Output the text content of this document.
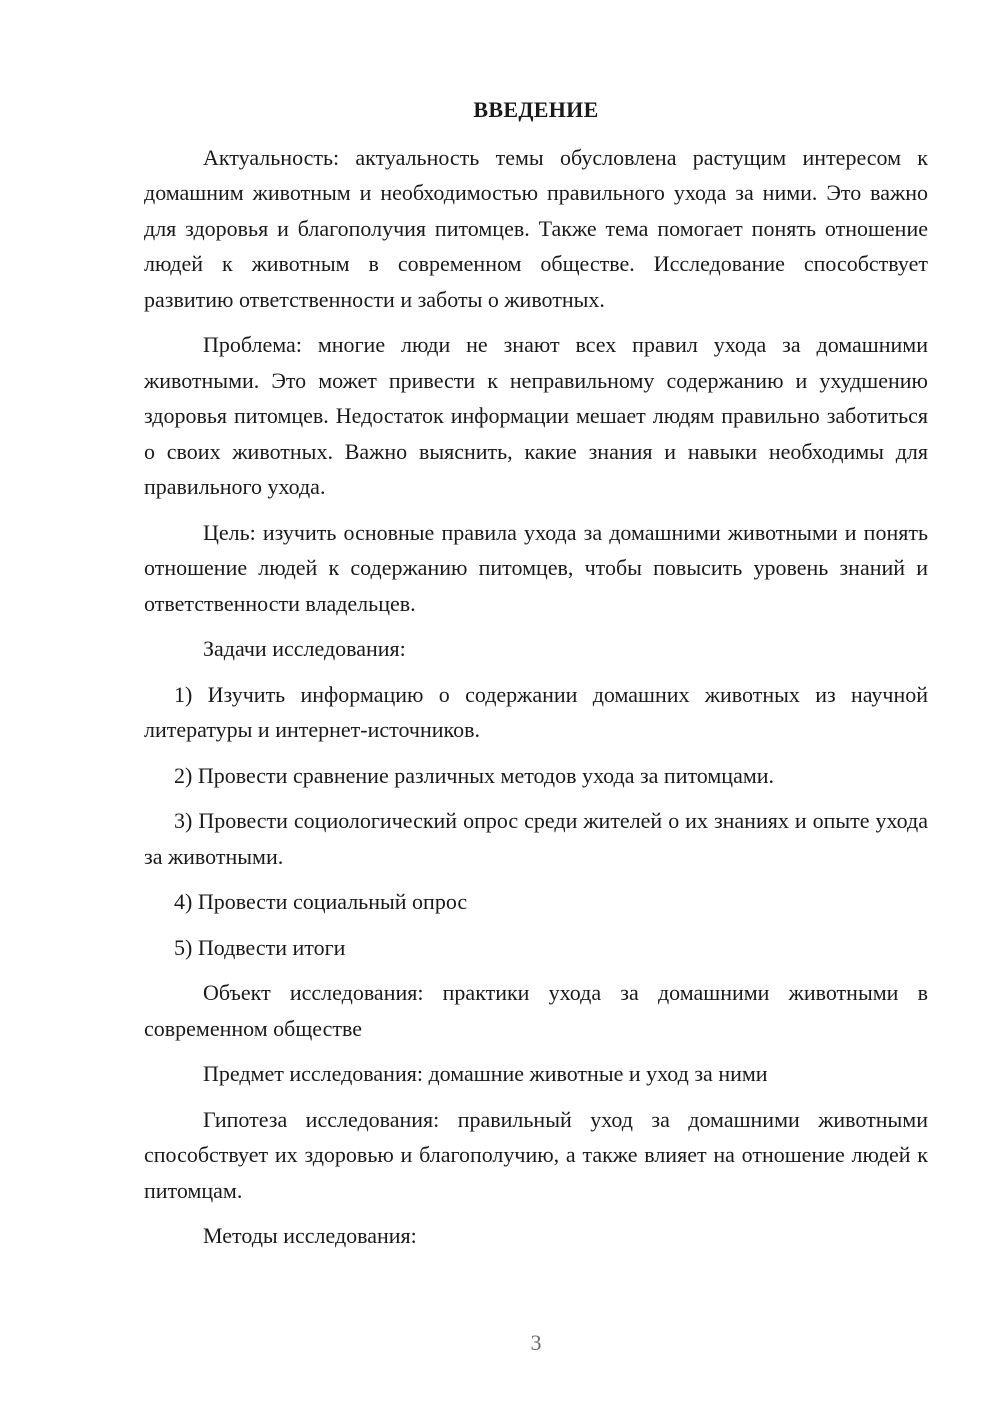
ВВЕДЕНИЕ

Актуальность: актуальность темы обусловлена растущим интересом к домашним животным и необходимостью правильного ухода за ними. Это важно для здоровья и благополучия питомцев. Также тема помогает понять отношение людей к животным в современном обществе. Исследование способствует развитию ответственности и заботы о животных.

Проблема: многие люди не знают всех правил ухода за домашними животными. Это может привести к неправильному содержанию и ухудшению здоровья питомцев. Недостаток информации мешает людям правильно заботиться о своих животных. Важно выяснить, какие знания и навыки необходимы для правильного ухода.

Цель: изучить основные правила ухода за домашними животными и понять отношение людей к содержанию питомцев, чтобы повысить уровень знаний и ответственности владельцев.

Задачи исследования:

1) Изучить информацию о содержании домашних животных из научной литературы и интернет-источников.

2) Провести сравнение различных методов ухода за питомцами.

3) Провести социологический опрос среди жителей о их знаниях и опыте ухода за животными.

4) Провести социальный опрос

5) Подвести итоги

Объект исследования: практики ухода за домашними животными в современном обществе

Предмет исследования: домашние животные и уход за ними

Гипотеза исследования: правильный уход за домашними животными способствует их здоровью и благополучию, а также влияет на отношение людей к питомцам.

Методы исследования:

3
